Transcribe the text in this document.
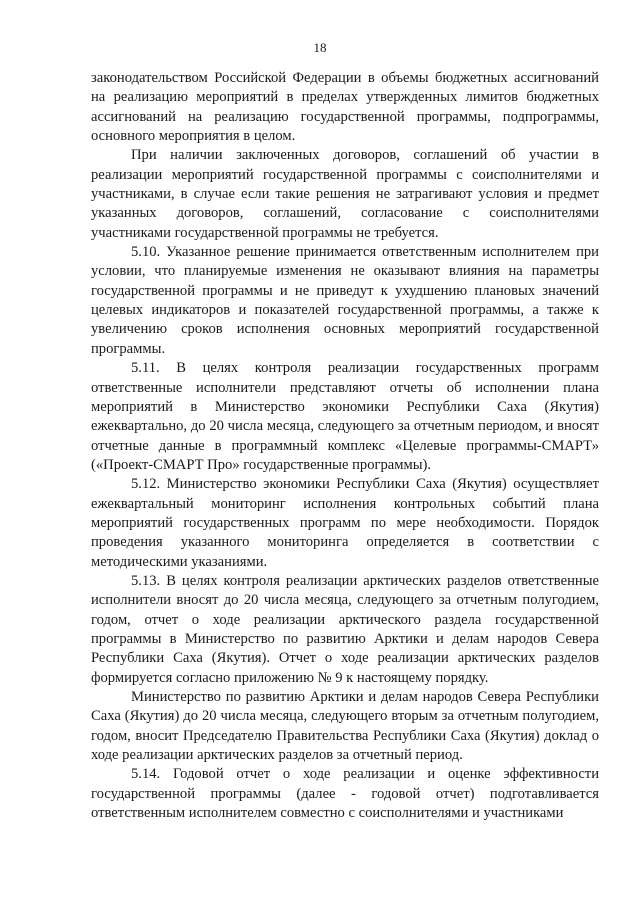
18

законодательством Российской Федерации в объемы бюджетных ассигнований на реализацию мероприятий в пределах утвержденных лимитов бюджетных ассигнований на реализацию государственной программы, подпрограммы, основного мероприятия в целом.

При наличии заключенных договоров, соглашений об участии в реализации мероприятий государственной программы с соисполнителями и участниками, в случае если такие решения не затрагивают условия и предмет указанных договоров, соглашений, согласование с соисполнителями участниками государственной программы не требуется.

5.10. Указанное решение принимается ответственным исполнителем при условии, что планируемые изменения не оказывают влияния на параметры государственной программы и не приведут к ухудшению плановых значений целевых индикаторов и показателей государственной программы, а также к увеличению сроков исполнения основных мероприятий государственной программы.

5.11. В целях контроля реализации государственных программ ответственные исполнители представляют отчеты об исполнении плана мероприятий в Министерство экономики Республики Саха (Якутия) ежеквартально, до 20 числа месяца, следующего за отчетным периодом, и вносят отчетные данные в программный комплекс «Целевые программы-СМАРТ» («Проект-СМАРТ Про» государственные программы).

5.12. Министерство экономики Республики Саха (Якутия) осуществляет ежеквартальный мониторинг исполнения контрольных событий плана мероприятий государственных программ по мере необходимости. Порядок проведения указанного мониторинга определяется в соответствии с методическими указаниями.

5.13. В целях контроля реализации арктических разделов ответственные исполнители вносят до 20 числа месяца, следующего за отчетным полугодием, годом, отчет о ходе реализации арктического раздела государственной программы в Министерство по развитию Арктики и делам народов Севера Республики Саха (Якутия). Отчет о ходе реализации арктических разделов формируется согласно приложению № 9 к настоящему порядку.

Министерство по развитию Арктики и делам народов Севера Республики Саха (Якутия) до 20 числа месяца, следующего вторым за отчетным полугодием, годом, вносит Председателю Правительства Республики Саха (Якутия) доклад о ходе реализации арктических разделов за отчетный период.

5.14. Годовой отчет о ходе реализации и оценке эффективности государственной программы (далее - годовой отчет) подготавливается ответственным исполнителем совместно с соисполнителями и участниками
